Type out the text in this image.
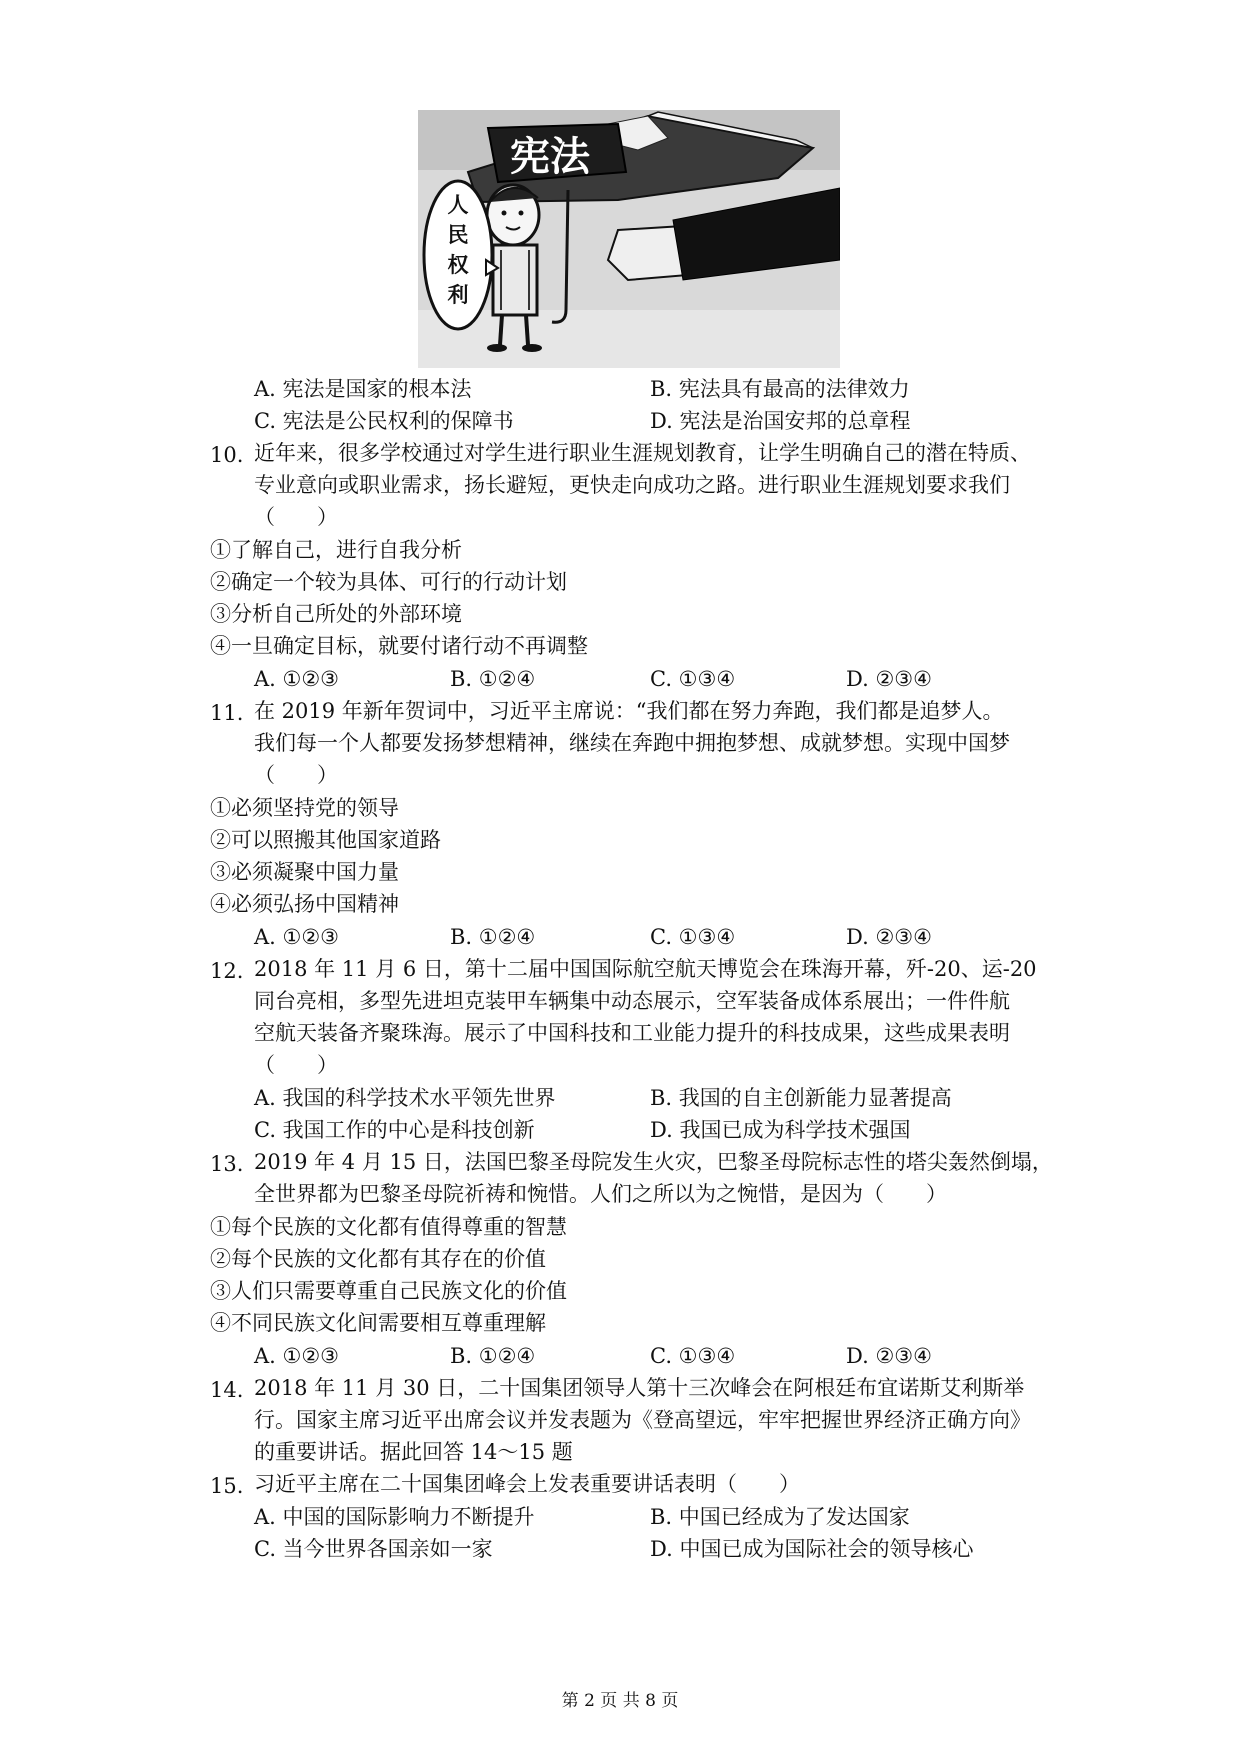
宪法
人
民
权
利
A. 宪法是国家的根本法	B. 宪法具有最高的法律效力
C. 宪法是公民权利的保障书	D. 宪法是治国安邦的总章程
10. 近年来，很多学校通过对学生进行职业生涯规划教育，让学生明确自己的潜在特质、
专业意向或职业需求，扬长避短，更快走向成功之路。进行职业生涯规划要求我们
（　　）
①了解自己，进行自我分析
②确定一个较为具体、可行的行动计划
③分析自己所处的外部环境
④一旦确定目标，就要付诸行动不再调整
A. ①②③	B. ①②④	C. ①③④	D. ②③④
11. 在 2019 年新年贺词中，习近平主席说：“我们都在努力奔跑，我们都是追梦人。
我们每一个人都要发扬梦想精神，继续在奔跑中拥抱梦想、成就梦想。实现中国梦
（　　）
①必须坚持党的领导
②可以照搬其他国家道路
③必须凝聚中国力量
④必须弘扬中国精神
A. ①②③	B. ①②④	C. ①③④	D. ②③④
12. 2018 年 11 月 6 日，第十二届中国国际航空航天博览会在珠海开幕，歼-20、运-20
同台亮相，多型先进坦克装甲车辆集中动态展示，空军装备成体系展出；一件件航
空航天装备齐聚珠海。展示了中国科技和工业能力提升的科技成果，这些成果表明
（　　）
A. 我国的科学技术水平领先世界	B. 我国的自主创新能力显著提高
C. 我国工作的中心是科技创新	D. 我国已成为科学技术强国
13. 2019 年 4 月 15 日，法国巴黎圣母院发生火灾，巴黎圣母院标志性的塔尖轰然倒塌，
全世界都为巴黎圣母院祈祷和惋惜。人们之所以为之惋惜，是因为（　　）
①每个民族的文化都有值得尊重的智慧
②每个民族的文化都有其存在的价值
③人们只需要尊重自己民族文化的价值
④不同民族文化间需要相互尊重理解
A. ①②③	B. ①②④	C. ①③④	D. ②③④
14. 2018 年 11 月 30 日，二十国集团领导人第十三次峰会在阿根廷布宜诺斯艾利斯举
行。国家主席习近平出席会议并发表题为《登高望远，牢牢把握世界经济正确方向》
的重要讲话。据此回答 14～15 题
15. 习近平主席在二十国集团峰会上发表重要讲话表明（　　）
A. 中国的国际影响力不断提升	B. 中国已经成为了发达国家
C. 当今世界各国亲如一家	D. 中国已成为国际社会的领导核心
第 2 页 共 8 页
